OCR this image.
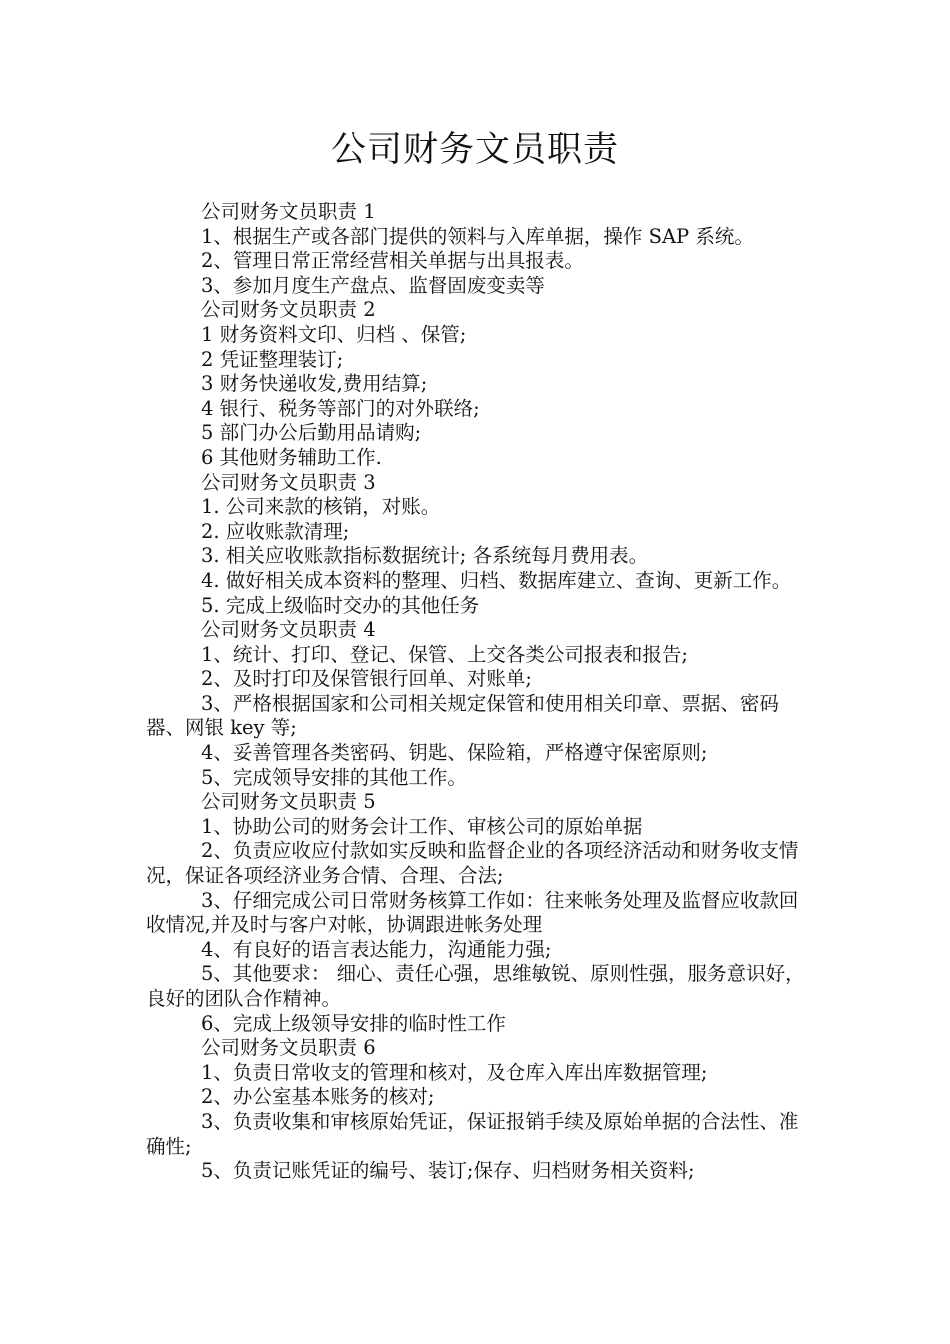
公司财务文员职责

公司财务文员职责 1

1、根据生产或各部门提供的领料与入库单据，操作 SAP 系统。

2、管理日常正常经营相关单据与出具报表。

3、参加月度生产盘点、监督固废变卖等

公司财务文员职责 2

1 财务资料文印、归档 、保管;

2 凭证整理装订;

3 财务快递收发,费用结算;

4 银行、税务等部门的对外联络;

5 部门办公后勤用品请购;

6 其他财务辅助工作.

公司财务文员职责 3

1. 公司来款的核销，对账。

2. 应收账款清理;

3. 相关应收账款指标数据统计; 各系统每月费用表。

4. 做好相关成本资料的整理、归档、数据库建立、查询、更新工作。

5. 完成上级临时交办的其他任务

公司财务文员职责 4

1、统计、打印、登记、保管、上交各类公司报表和报告;

2、及时打印及保管银行回单、对账单;

3、严格根据国家和公司相关规定保管和使用相关印章、票据、密码器、网银 key 等;

4、妥善管理各类密码、钥匙、保险箱，严格遵守保密原则;

5、完成领导安排的其他工作。

公司财务文员职责 5

1、协助公司的财务会计工作、审核公司的原始单据

2、负责应收应付款如实反映和监督企业的各项经济活动和财务收支情况，保证各项经济业务合情、合理、合法;

3、仔细完成公司日常财务核算工作如：往来帐务处理及监督应收款回收情况,并及时与客户对帐，协调跟进帐务处理

4、有良好的语言表达能力，沟通能力强;

5、其他要求： 细心、责任心强，思维敏锐、原则性强，服务意识好，良好的团队合作精神。

6、完成上级领导安排的临时性工作

公司财务文员职责 6

1、负责日常收支的管理和核对，及仓库入库出库数据管理;

2、办公室基本账务的核对;

3、负责收集和审核原始凭证，保证报销手续及原始单据的合法性、准确性;

5、负责记账凭证的编号、装订;保存、归档财务相关资料;
